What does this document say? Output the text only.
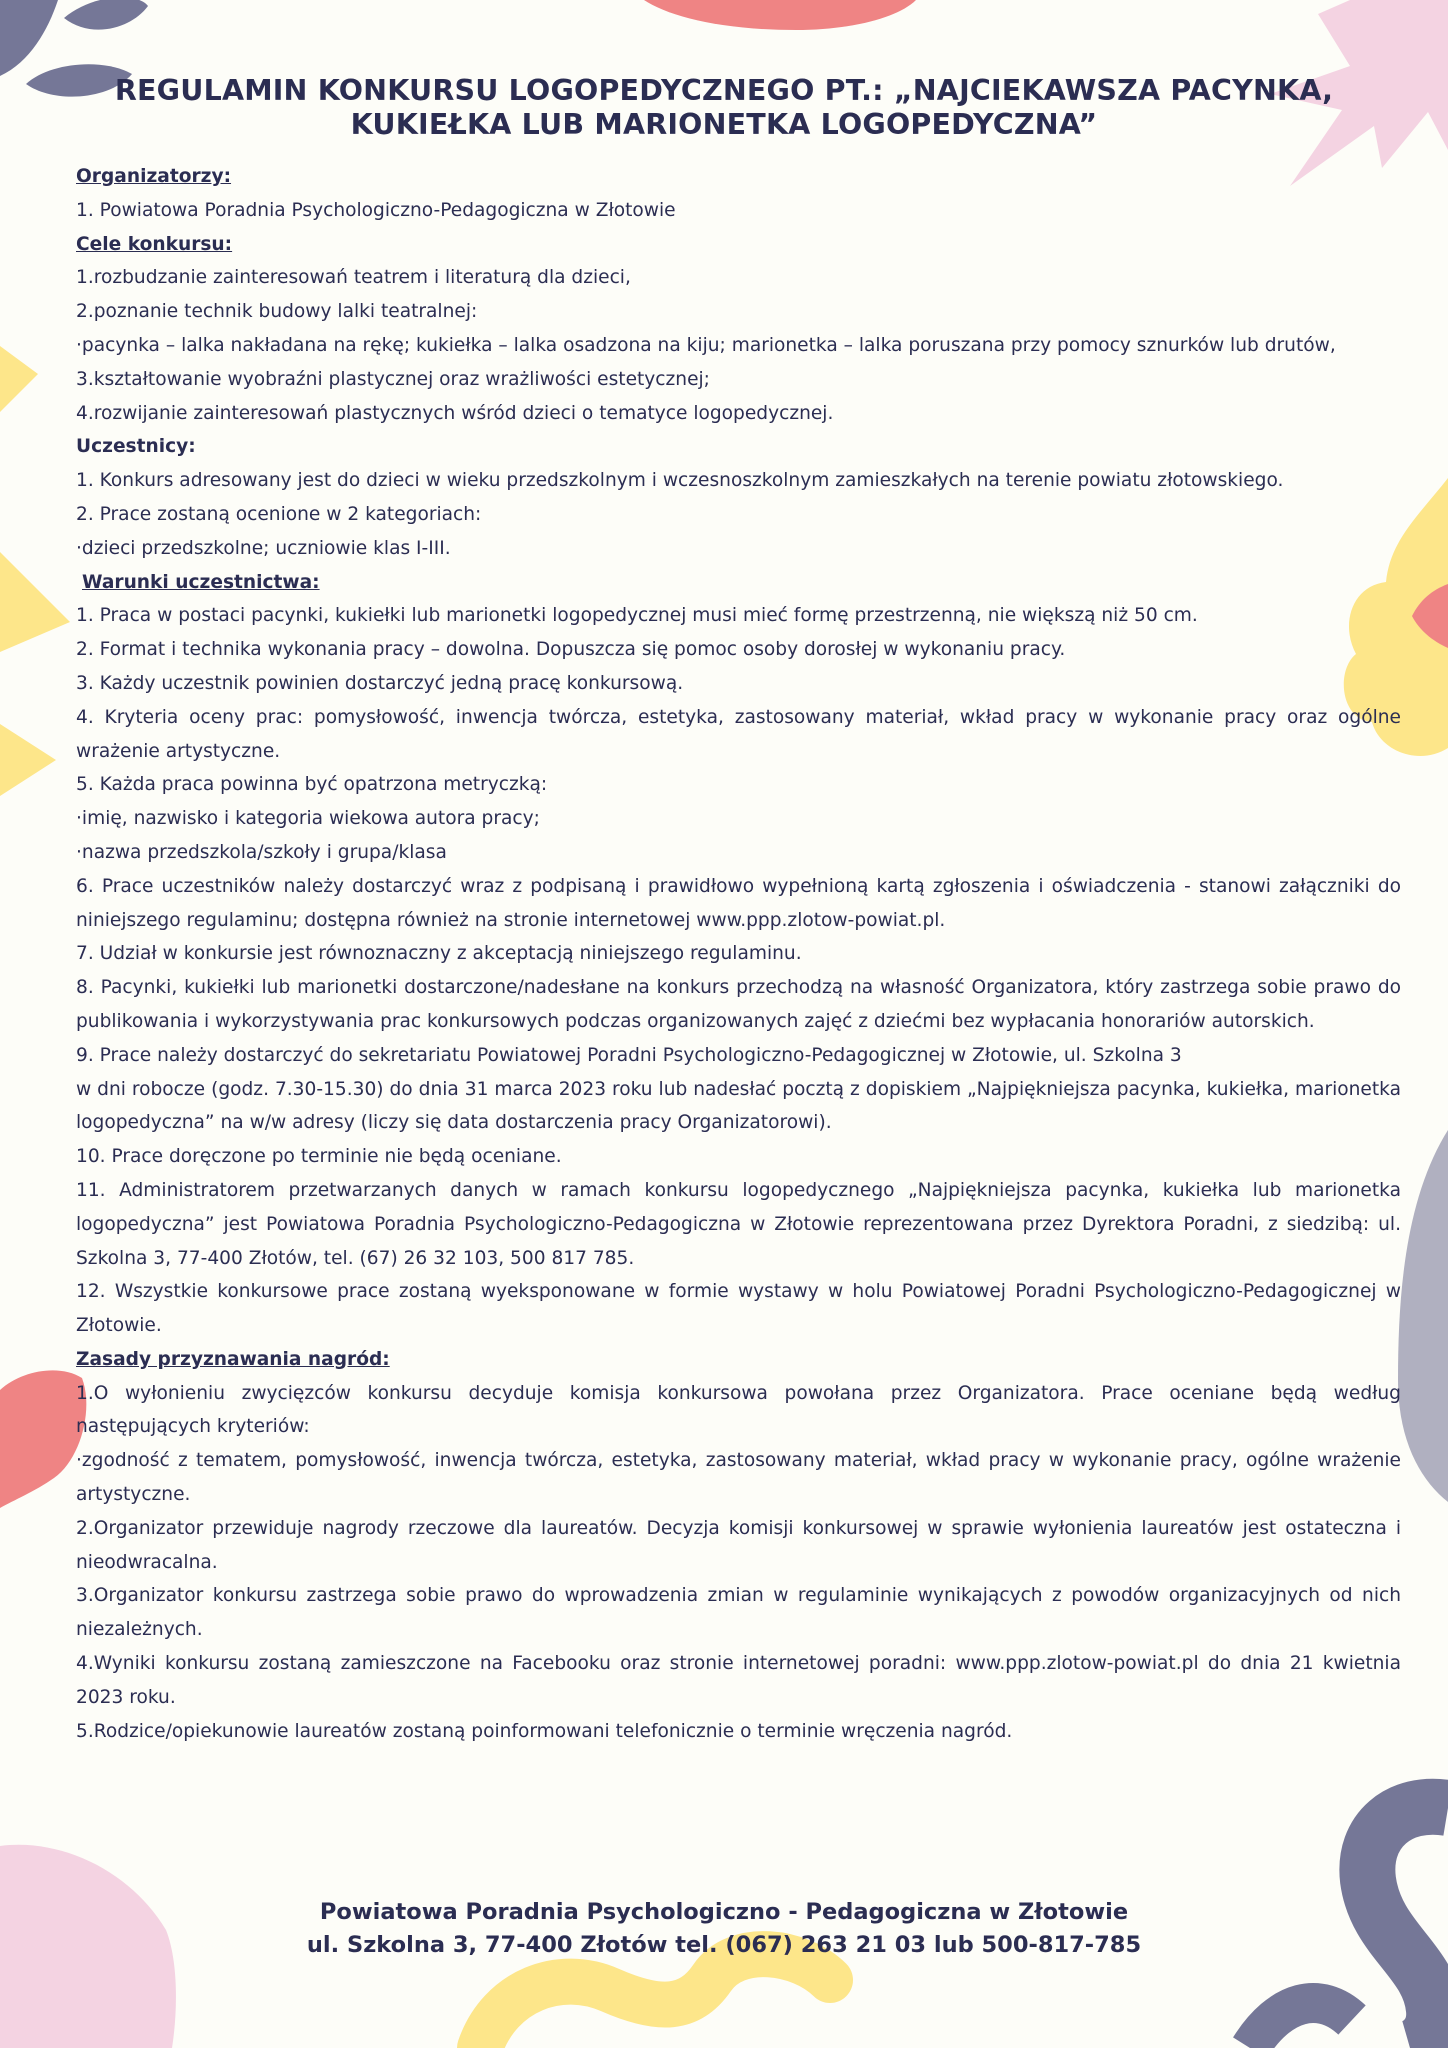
REGULAMIN KONKURSU LOGOPEDYCZNEGO PT.: „NAJCIEKAWSZA PACYNKA,
KUKIEŁKA LUB MARIONETKA LOGOPEDYCZNA”

Organizatorzy:

1. Powiatowa Poradnia Psychologiczno-Pedagogiczna w Złotowie

Cele konkursu:

1.rozbudzanie zainteresowań teatrem i literaturą dla dzieci,

2.poznanie technik budowy lalki teatralnej:

·pacynka – lalka nakładana na rękę; kukiełka – lalka osadzona na kiju; marionetka – lalka poruszana przy pomocy sznurków lub drutów,

3.kształtowanie wyobraźni plastycznej oraz wrażliwości estetycznej;

4.rozwijanie zainteresowań plastycznych wśród dzieci o tematyce logopedycznej.

Uczestnicy:

1. Konkurs adresowany jest do dzieci w wieku przedszkolnym i wczesnoszkolnym zamieszkałych na terenie powiatu złotowskiego.

2. Prace zostaną ocenione w 2 kategoriach:

·dzieci przedszkolne; uczniowie klas I-III.

Warunki uczestnictwa:

1. Praca w postaci pacynki, kukiełki lub marionetki logopedycznej musi mieć formę przestrzenną, nie większą niż 50 cm.

2. Format i technika wykonania pracy – dowolna. Dopuszcza się pomoc osoby dorosłej w wykonaniu pracy.

3. Każdy uczestnik powinien dostarczyć jedną pracę konkursową.

4. Kryteria oceny prac: pomysłowość, inwencja twórcza, estetyka, zastosowany materiał, wkład pracy w wykonanie pracy oraz ogólne wrażenie artystyczne.

5. Każda praca powinna być opatrzona metryczką:

·imię, nazwisko i kategoria wiekowa autora pracy;

·nazwa przedszkola/szkoły i grupa/klasa

6. Prace uczestników należy dostarczyć wraz z podpisaną i prawidłowo wypełnioną kartą zgłoszenia i oświadczenia - stanowi załączniki do niniejszego regulaminu; dostępna również na stronie internetowej www.ppp.zlotow-powiat.pl.

7. Udział w konkursie jest równoznaczny z akceptacją niniejszego regulaminu.

8. Pacynki, kukiełki lub marionetki dostarczone/nadesłane na konkurs przechodzą na własność Organizatora, który zastrzega sobie prawo do publikowania i wykorzystywania prac konkursowych podczas organizowanych zajęć z dziećmi bez wypłacania honorariów autorskich.

9. Prace należy dostarczyć do sekretariatu Powiatowej Poradni Psychologiczno-Pedagogicznej w Złotowie, ul. Szkolna 3

w dni robocze (godz. 7.30-15.30) do dnia 31 marca 2023 roku lub nadesłać pocztą z dopiskiem „Najpiękniejsza pacynka, kukiełka, marionetka logopedyczna” na w/w adresy (liczy się data dostarczenia pracy Organizatorowi).

10. Prace doręczone po terminie nie będą oceniane.

11. Administratorem przetwarzanych danych w ramach konkursu logopedycznego „Najpiękniejsza pacynka, kukiełka lub marionetka logopedyczna” jest Powiatowa Poradnia Psychologiczno-Pedagogiczna w Złotowie reprezentowana przez Dyrektora Poradni, z siedzibą: ul. Szkolna 3, 77-400 Złotów, tel. (67) 26 32 103, 500 817 785.

12. Wszystkie konkursowe prace zostaną wyeksponowane w formie wystawy w holu Powiatowej Poradni Psychologiczno-Pedagogicznej w Złotowie.

Zasady przyznawania nagród:

1.O wyłonieniu zwycięzców konkursu decyduje komisja konkursowa powołana przez Organizatora. Prace oceniane będą według następujących kryteriów:

·zgodność z tematem, pomysłowość, inwencja twórcza, estetyka, zastosowany materiał, wkład pracy w wykonanie pracy, ogólne wrażenie artystyczne.

2.Organizator przewiduje nagrody rzeczowe dla laureatów. Decyzja komisji konkursowej w sprawie wyłonienia laureatów jest ostateczna i nieodwracalna.

3.Organizator konkursu zastrzega sobie prawo do wprowadzenia zmian w regulaminie wynikających z powodów organizacyjnych od nich niezależnych.

4.Wyniki konkursu zostaną zamieszczone na Facebooku oraz stronie internetowej poradni: www.ppp.zlotow-powiat.pl do dnia 21 kwietnia 2023 roku.

5.Rodzice/opiekunowie laureatów zostaną poinformowani telefonicznie o terminie wręczenia nagród.

Powiatowa Poradnia Psychologiczno - Pedagogiczna w Złotowie
ul. Szkolna 3, 77-400 Złotów tel. (067) 263 21 03 lub 500-817-785
